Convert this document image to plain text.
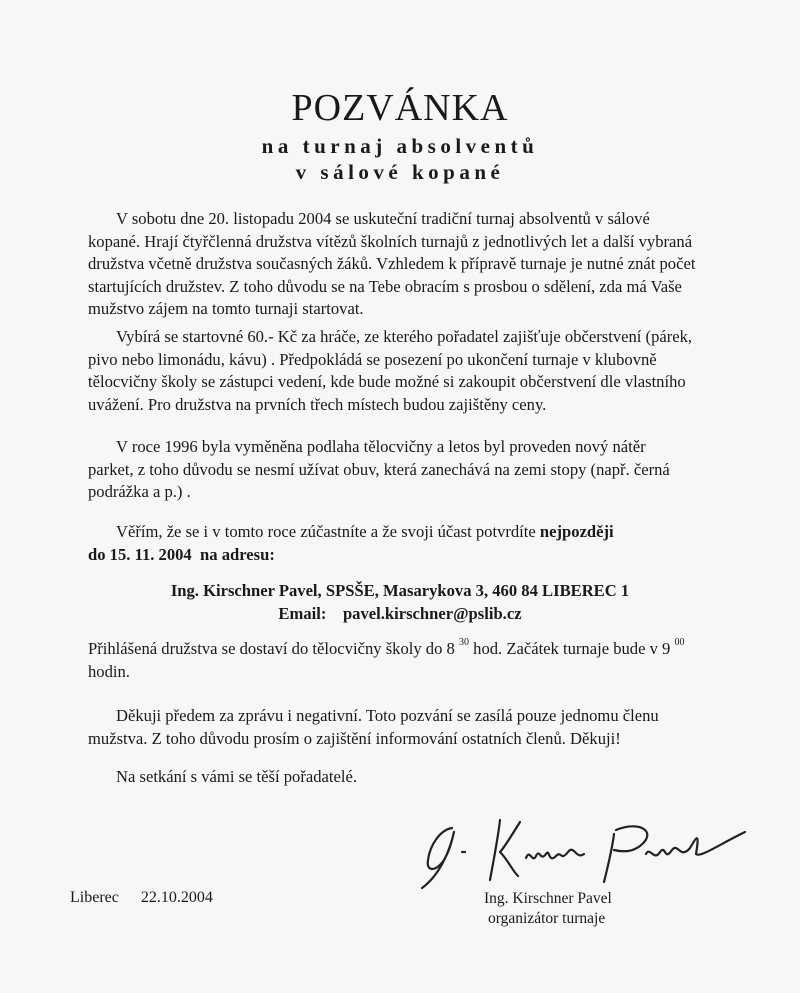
POZVÁNKA
na turnaj absolventů
v sálové kopané
V sobotu dne 20. listopadu 2004 se uskuteční tradiční turnaj absolventů v sálové
kopané. Hrají čtyřčlenná družstva vítězů školních turnajů z jednotlivých let a další vybraná
družstva včetně družstva současných žáků. Vzhledem k přípravě turnaje je nutné znát počet
startujících družstev. Z toho důvodu se na Tebe obracím s prosbou o sdělení, zda má Vaše
mužstvo zájem na tomto turnaji startovat.
Vybírá se startovné 60.- Kč za hráče, ze kterého pořadatel zajišťuje občerstvení (párek,
pivo nebo limonádu, kávu) . Předpokládá se posezení po ukončení turnaje v klubovně
tělocvičny školy se zástupci vedení, kde bude možné si zakoupit občerstvení dle vlastního
uvážení. Pro družstva na prvních třech místech budou zajištěny ceny.
V roce 1996 byla vyměněna podlaha tělocvičny a letos byl proveden nový nátěr
parket, z toho důvodu se nesmí užívat obuv, která zanechává na zemi stopy (např. černá
podrážka a p.) .
Věřím, že se i v tomto roce zúčastníte a že svoji účast potvrdíte nejpozději
do 15. 11. 2004  na adresu:
Ing. Kirschner Pavel, SPSŠE, Masarykova 3, 460 84 LIBEREC 1
Email: pavel.kirschner@pslib.cz
Přihlášená družstva se dostaví do tělocvičny školy do 8 $^{30}$ hod. Začátek turnaje bude v 9 $^{00}$
hodin.
Děkuji předem za zprávu i negativní. Toto pozvání se zasílá pouze jednomu členu
mužstva. Z toho důvodu prosím o zajištění informování ostatních členů. Děkuji!
Na setkání s vámi se těší pořadatelé.
Liberec 22.10.2004	Ing. Kirschner Pavel
organizátor turnaje
